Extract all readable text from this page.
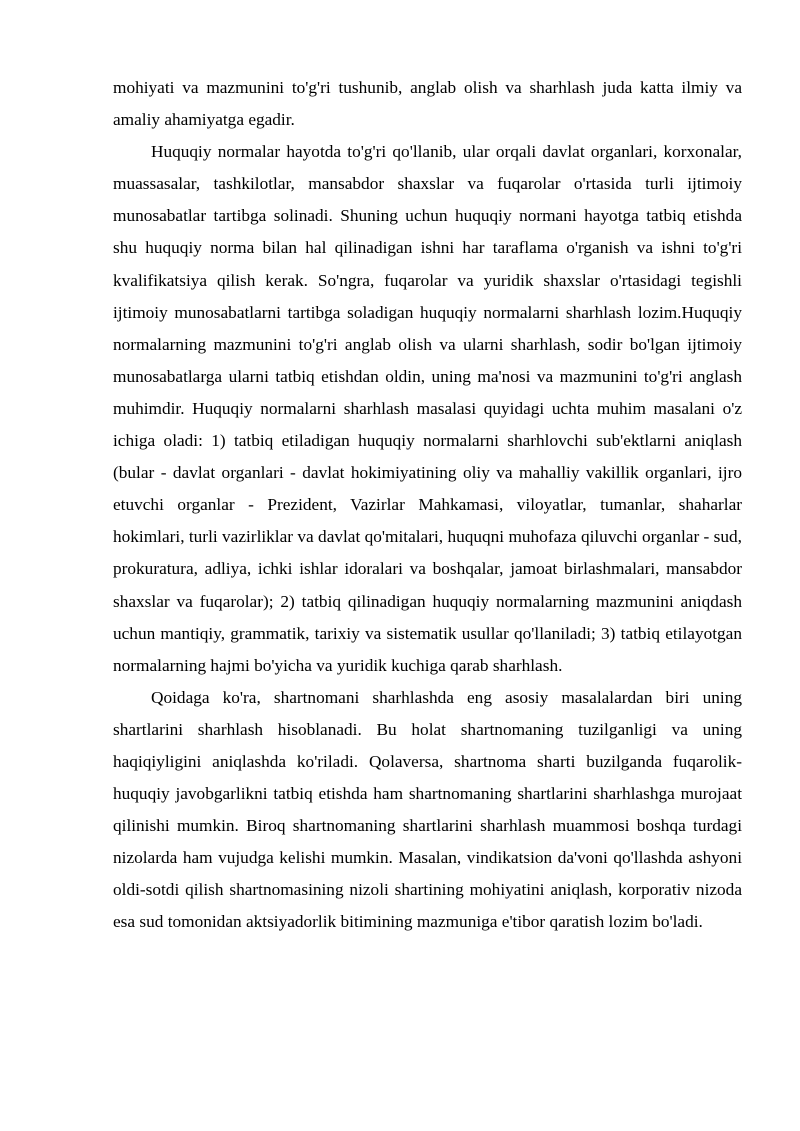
mohiyati va mazmunini to'g'ri tushunib, anglab olish va sharhlash juda katta ilmiy va amaliy ahamiyatga egadir.

Huquqiy normalar hayotda to'g'ri qo'llanib, ular orqali davlat organlari, korxonalar, muassasalar, tashkilotlar, mansabdor shaxslar va fuqarolar o'rtasida turli ijtimoiy munosabatlar tartibga solinadi. Shuning uchun huquqiy normani hayotga tatbiq etishda shu huquqiy norma bilan hal qilinadigan ishni har taraflama o'rganish va ishni to'g'ri kvalifikatsiya qilish kerak. So'ngra, fuqarolar va yuridik shaxslar o'rtasidagi tegishli ijtimoiy munosabatlarni tartibga soladigan huquqiy normalarni sharhlash lozim.Huquqiy normalarning mazmunini to'g'ri anglab olish va ularni sharhlash, sodir bo'lgan ijtimoiy munosabatlarga ularni tatbiq etishdan oldin, uning ma'nosi va mazmunini to'g'ri anglash muhimdir. Huquqiy normalarni sharhlash masalasi quyidagi uchta muhim masalani o'z ichiga oladi: 1) tatbiq etiladigan huquqiy normalarni sharhlovchi sub'ektlarni aniqlash (bular - davlat organlari - davlat hokimiyatining oliy va mahalliy vakillik organlari, ijro etuvchi organlar - Prezident, Vazirlar Mahkamasi, viloyatlar, tumanlar, shaharlar hokimlari, turli vazirliklar va davlat qo'mitalari, huquqni muhofaza qiluvchi organlar - sud, prokuratura, adliya, ichki ishlar idoralari va boshqalar, jamoat birlashmalari, mansabdor shaxslar va fuqarolar); 2) tatbiq qilinadigan huquqiy normalarning mazmunini aniqdash uchun mantiqiy, grammatik, tarixiy va sistematik usullar qo'llaniladi; 3) tatbiq etilayotgan normalarning hajmi bo'yicha va yuridik kuchiga qarab sharhlash.

Qoidaga ko'ra, shartnomani sharhlashda eng asosiy masalalardan biri uning shartlarini sharhlash hisoblanadi. Bu holat shartnomaning tuzilganligi va uning haqiqiyligini aniqlashda ko'riladi. Qolaversa, shartnoma sharti buzilganda fuqarolik-huquqiy javobgarlikni tatbiq etishda ham shartnomaning shartlarini sharhlashga murojaat qilinishi mumkin. Biroq shartnomaning shartlarini sharhlash muammosi boshqa turdagi nizolarda ham vujudga kelishi mumkin. Masalan, vindikatsion da'voni qo'llashda ashyoni oldi-sotdi qilish shartnomasining nizoli shartining mohiyatini aniqlash, korporativ nizoda esa sud tomonidan aktsiyadorlik bitimining mazmuniga e'tibor qaratish lozim bo'ladi.
